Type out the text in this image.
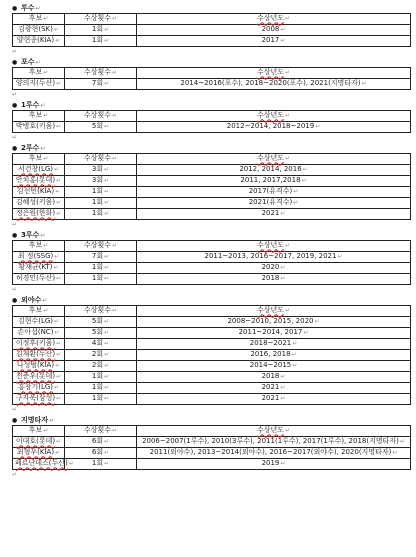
● 투수↵
후보↵	수상횟수↵	수상년도↵
김광현(SK)↵	1회↵	2008↵
양현종(KIA)↵	1회↵	2017↵
↵
● 포수↵
후보↵	수상횟수↵	수상년도↵
양의지(두산)↵	7회↵	2014~2016(포수), 2018~2020(포수), 2021(지명타자)↵
↵
● 1루수↵
후보↵	수상횟수↵	수상년도↵
박병호(키움)↵	5회↵	2012~2014, 2018~2019↵
↵
● 2루수↵
후보↵	수상횟수↵	수상년도↵
서건창(LG)↵	3회↵	2012, 2014, 2016↵
안치홍(롯데)↵	3회↵	2011, 2017,2018↵
김선빈(KIA)↵	1회↵	2017(유격수)↵
김혜성(키움)↵	1회↵	2021(유격수)↵
정은원(한화)↵	1회↵	2021↵
↵
● 3루수↵
후보↵	수상횟수↵	수상년도↵
최 정(SSG)↵	7회↵	2011~2013, 2016~2017, 2019, 2021↵
황재균(KT)↵	1회↵	2020↵
허경민(두산)↵	1회↵	2018↵
↵
● 외야수↵
후보↵	수상횟수↵	수상년도↵
김현수(LG)↵	5회↵	2008~2010, 2015, 2020↵
손아섭(NC)↵	5회↵	2011~2014, 2017↵
이정후(키움)↵	4회↵	2018~2021↵
김재환(두산)↵	2회↵	2016, 2018↵
나성범(KIA)↵	2회↵	2014~2015↵
전준우(롯데)↵	1회↵	2018↵
홍창기(LG)↵	1회↵	2021↵
구자욱(삼성)↵	1회↵	2021↵
↵
● 지명타자↵
후보↵	수상횟수↵	수상년도↵
이대호(롯데)↵	6회↵	2006~2007(1루수), 2010(3루수), 2011(1루수), 2017(1루수), 2018(지명타자)↵
최형우(KIA)↵	6회↵	2011(외야수), 2013~2014(외야수), 2016~2017(외야수), 2020(지명타자)↵
페르난데스(두산)↵	1회↵	2019↵
↵
